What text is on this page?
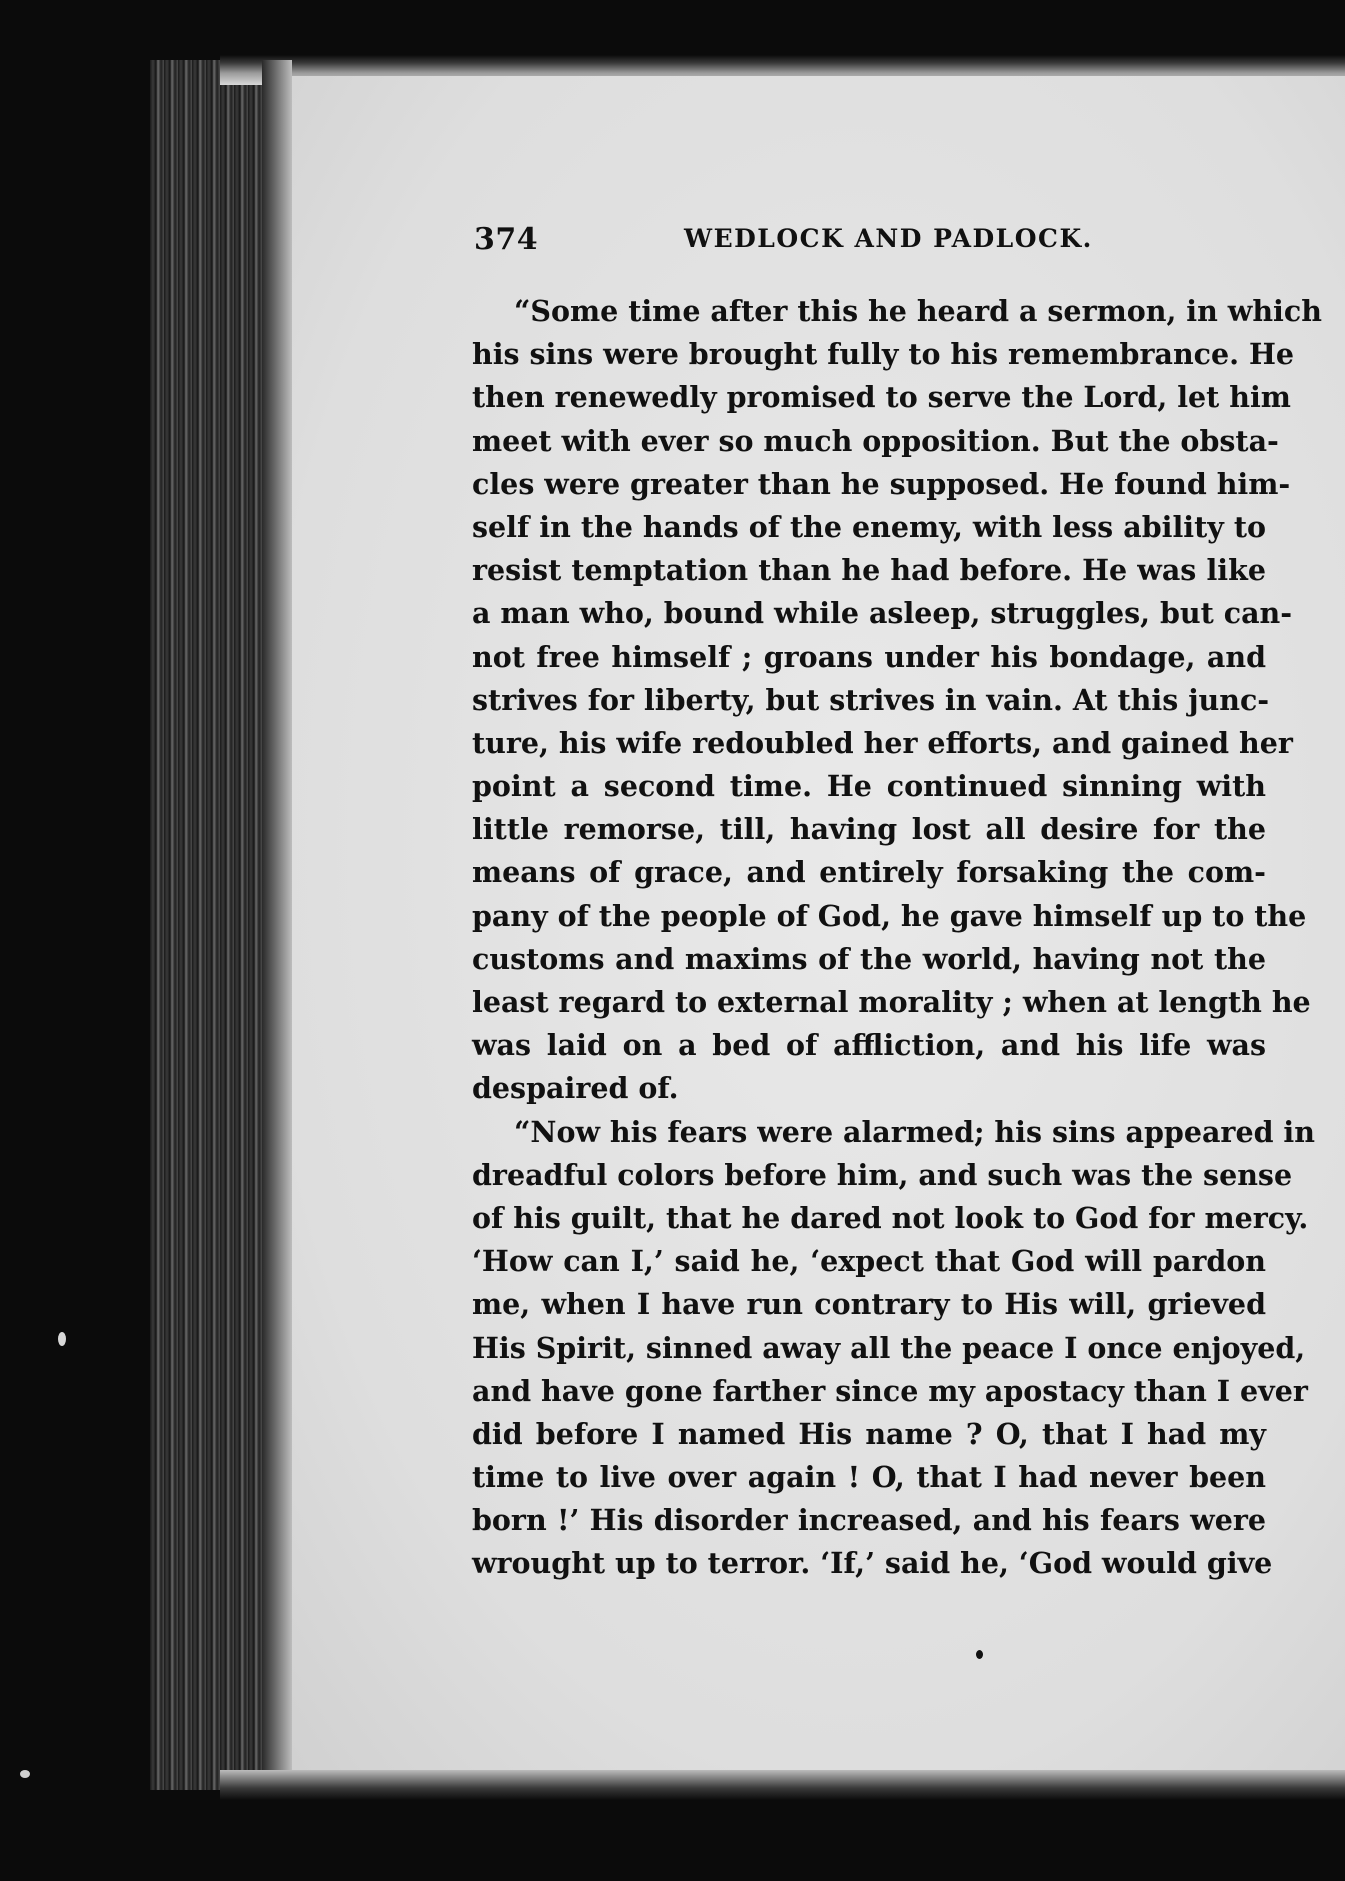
374	WEDLOCK AND PADLOCK.
“Some time after this he heard a sermon, in which
his sins were brought fully to his remembrance. He
then renewedly promised to serve the Lord, let him
meet with ever so much opposition. But the obsta-
cles were greater than he supposed. He found him-
self in the hands of the enemy, with less ability to
resist temptation than he had before. He was like
a man who, bound while asleep, struggles, but can-
not free himself ; groans under his bondage, and
strives for liberty, but strives in vain. At this junc-
ture, his wife redoubled her efforts, and gained her
point a second time. He continued sinning with
little remorse, till, having lost all desire for the
means of grace, and entirely forsaking the com-
pany of the people of God, he gave himself up to the
customs and maxims of the world, having not the
least regard to external morality ; when at length he
was laid on a bed of affliction, and his life was
despaired of.
“Now his fears were alarmed; his sins appeared in
dreadful colors before him, and such was the sense
of his guilt, that he dared not look to God for mercy.
‘How can I,’ said he, ‘expect that God will pardon
me, when I have run contrary to His will, grieved
His Spirit, sinned away all the peace I once enjoyed,
and have gone farther since my apostacy than I ever
did before I named His name ? O, that I had my
time to live over again ! O, that I had never been
born !’ His disorder increased, and his fears were
wrought up to terror. ‘If,’ said he, ‘God would give
